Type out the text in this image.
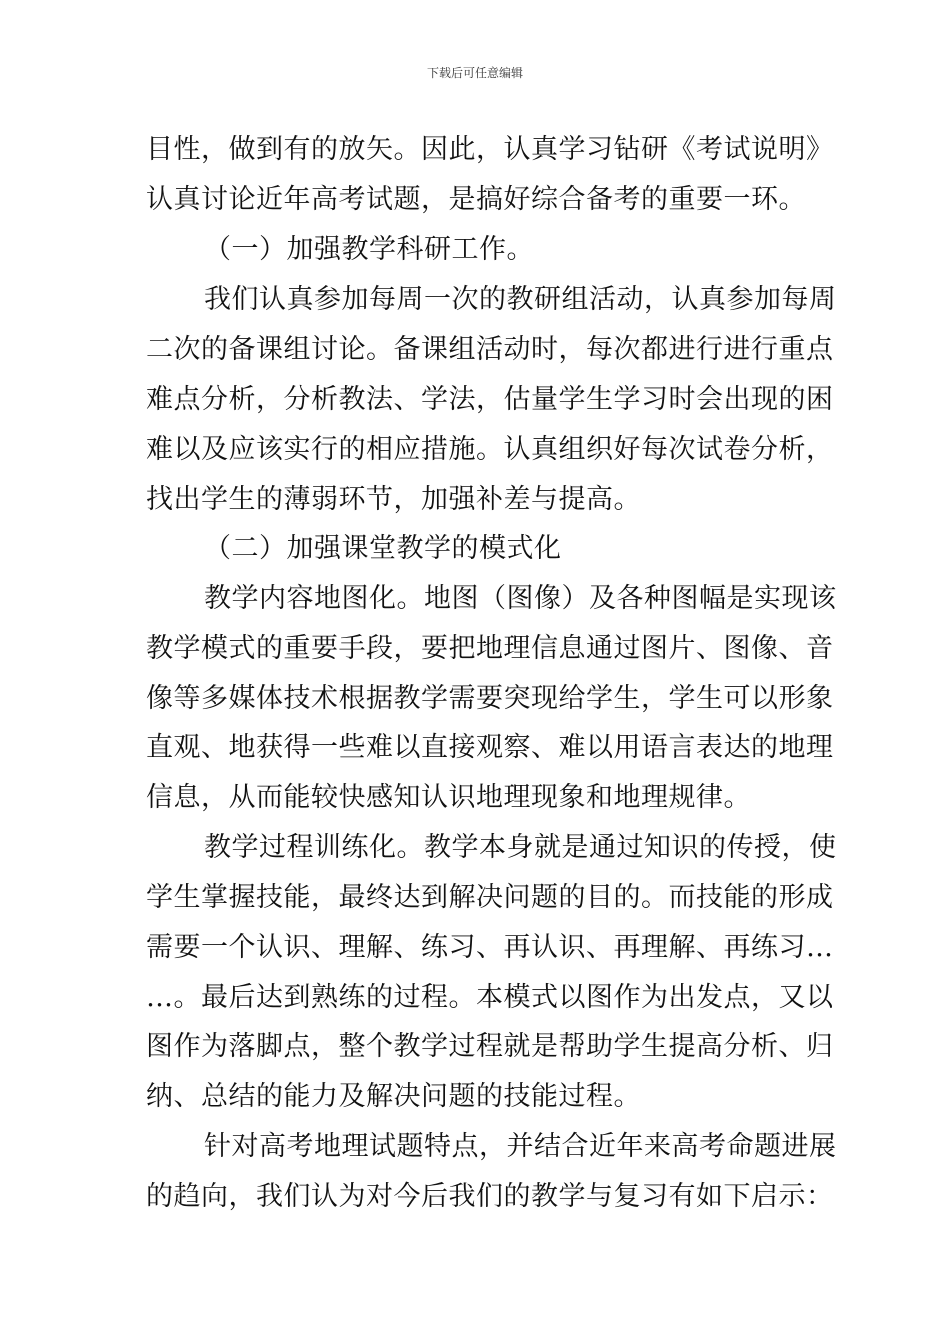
下载后可任意编辑
目性，做到有的放矢。因此，认真学习钻研《考试说明》
认真讨论近年高考试题，是搞好综合备考的重要一环。
（一）加强教学科研工作。
我们认真参加每周一次的教研组活动，认真参加每周
二次的备课组讨论。备课组活动时，每次都进行进行重点
难点分析，分析教法、学法，估量学生学习时会出现的困
难以及应该实行的相应措施。认真组织好每次试卷分析，
找出学生的薄弱环节，加强补差与提高。
（二）加强课堂教学的模式化
教学内容地图化。地图（图像）及各种图幅是实现该
教学模式的重要手段，要把地理信息通过图片、图像、音
像等多媒体技术根据教学需要突现给学生，学生可以形象
直观、地获得一些难以直接观察、难以用语言表达的地理
信息，从而能较快感知认识地理现象和地理规律。
教学过程训练化。教学本身就是通过知识的传授，使
学生掌握技能，最终达到解决问题的目的。而技能的形成
需要一个认识、理解、练习、再认识、再理解、再练习…
…。最后达到熟练的过程。本模式以图作为出发点，又以
图作为落脚点，整个教学过程就是帮助学生提高分析、归
纳、总结的能力及解决问题的技能过程。
针对高考地理试题特点，并结合近年来高考命题进展
的趋向，我们认为对今后我们的教学与复习有如下启示：
